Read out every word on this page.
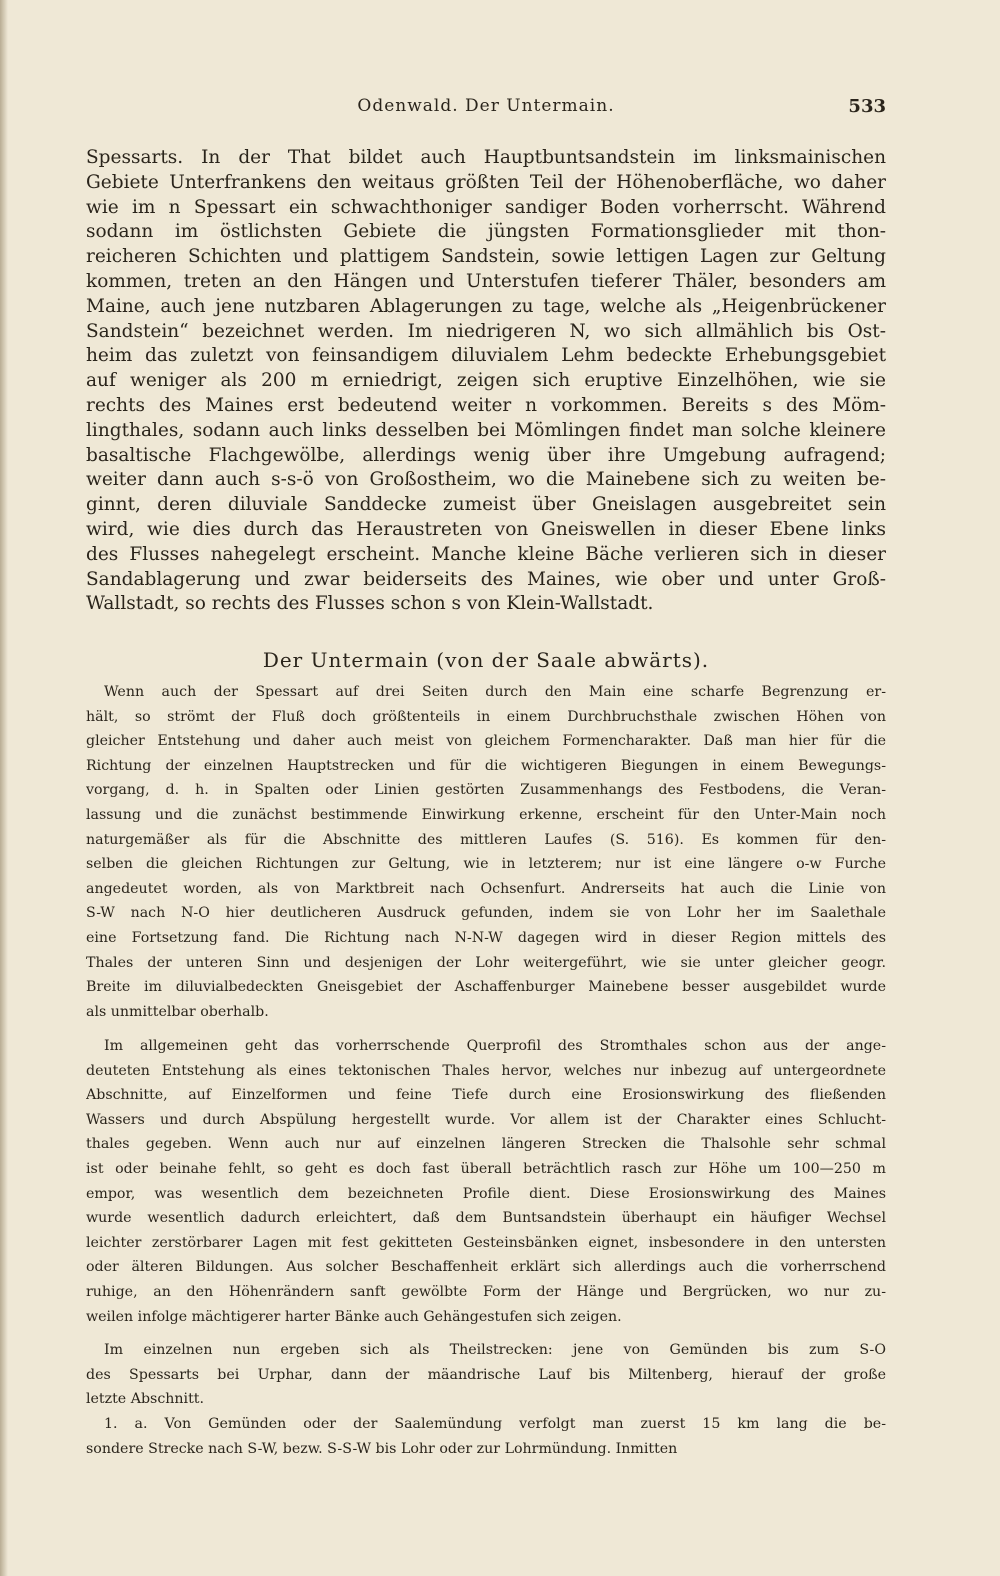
Odenwald. Der Untermain.	533
Spessarts. In der That bildet auch Hauptbuntsandstein im linksmainischen
Gebiete Unterfrankens den weitaus größten Teil der Höhenoberfläche, wo daher
wie im n Spessart ein schwachthoniger sandiger Boden vorherrscht. Während
sodann im östlichsten Gebiete die jüngsten Formationsglieder mit thon-
reicheren Schichten und plattigem Sandstein, sowie lettigen Lagen zur Geltung
kommen, treten an den Hängen und Unterstufen tieferer Thäler, besonders am
Maine, auch jene nutzbaren Ablagerungen zu tage, welche als „Heigenbrückener
Sandstein“ bezeichnet werden. Im niedrigeren N, wo sich allmählich bis Ost-
heim das zuletzt von feinsandigem diluvialem Lehm bedeckte Erhebungsgebiet
auf weniger als 200 m erniedrigt, zeigen sich eruptive Einzelhöhen, wie sie
rechts des Maines erst bedeutend weiter n vorkommen. Bereits s des Möm-
lingthales, sodann auch links desselben bei Mömlingen findet man solche kleinere
basaltische Flachgewölbe, allerdings wenig über ihre Umgebung aufragend;
weiter dann auch s-s-ö von Großostheim, wo die Mainebene sich zu weiten be-
ginnt, deren diluviale Sanddecke zumeist über Gneislagen ausgebreitet sein
wird, wie dies durch das Heraustreten von Gneiswellen in dieser Ebene links
des Flusses nahegelegt erscheint. Manche kleine Bäche verlieren sich in dieser
Sandablagerung und zwar beiderseits des Maines, wie ober und unter Groß-
Wallstadt, so rechts des Flusses schon s von Klein-Wallstadt.
Der Untermain (von der Saale abwärts).
Wenn auch der Spessart auf drei Seiten durch den Main eine scharfe Begrenzung er-
hält, so strömt der Fluß doch größtenteils in einem Durchbruchsthale zwischen Höhen von
gleicher Entstehung und daher auch meist von gleichem Formencharakter. Daß man hier für die
Richtung der einzelnen Hauptstrecken und für die wichtigeren Biegungen in einem Bewegungs-
vorgang, d. h. in Spalten oder Linien gestörten Zusammenhangs des Festbodens, die Veran-
lassung und die zunächst bestimmende Einwirkung erkenne, erscheint für den Unter-Main noch
naturgemäßer als für die Abschnitte des mittleren Laufes (S. 516). Es kommen für den-
selben die gleichen Richtungen zur Geltung, wie in letzterem; nur ist eine längere o-w Furche
angedeutet worden, als von Marktbreit nach Ochsenfurt. Andrerseits hat auch die Linie von
S-W nach N-O hier deutlicheren Ausdruck gefunden, indem sie von Lohr her im Saalethale
eine Fortsetzung fand. Die Richtung nach N-N-W dagegen wird in dieser Region mittels des
Thales der unteren Sinn und desjenigen der Lohr weitergeführt, wie sie unter gleicher geogr.
Breite im diluvialbedeckten Gneisgebiet der Aschaffenburger Mainebene besser ausgebildet wurde
als unmittelbar oberhalb.
Im allgemeinen geht das vorherrschende Querprofil des Stromthales schon aus der ange-
deuteten Entstehung als eines tektonischen Thales hervor, welches nur inbezug auf untergeordnete
Abschnitte, auf Einzelformen und feine Tiefe durch eine Erosionswirkung des fließenden
Wassers und durch Abspülung hergestellt wurde. Vor allem ist der Charakter eines Schlucht-
thales gegeben. Wenn auch nur auf einzelnen längeren Strecken die Thalsohle sehr schmal
ist oder beinahe fehlt, so geht es doch fast überall beträchtlich rasch zur Höhe um 100—250 m
empor, was wesentlich dem bezeichneten Profile dient. Diese Erosionswirkung des Maines
wurde wesentlich dadurch erleichtert, daß dem Buntsandstein überhaupt ein häufiger Wechsel
leichter zerstörbarer Lagen mit fest gekitteten Gesteinsbänken eignet, insbesondere in den untersten
oder älteren Bildungen. Aus solcher Beschaffenheit erklärt sich allerdings auch die vorherrschend
ruhige, an den Höhenrändern sanft gewölbte Form der Hänge und Bergrücken, wo nur zu-
weilen infolge mächtigerer harter Bänke auch Gehängestufen sich zeigen.
Im einzelnen nun ergeben sich als Theilstrecken: jene von Gemünden bis zum S-O
des Spessarts bei Urphar, dann der mäandrische Lauf bis Miltenberg, hierauf der große
letzte Abschnitt.
1. a. Von Gemünden oder der Saalemündung verfolgt man zuerst 15 km lang die be-
sondere Strecke nach S-W, bezw. S-S-W bis Lohr oder zur Lohrmündung. Inmitten
